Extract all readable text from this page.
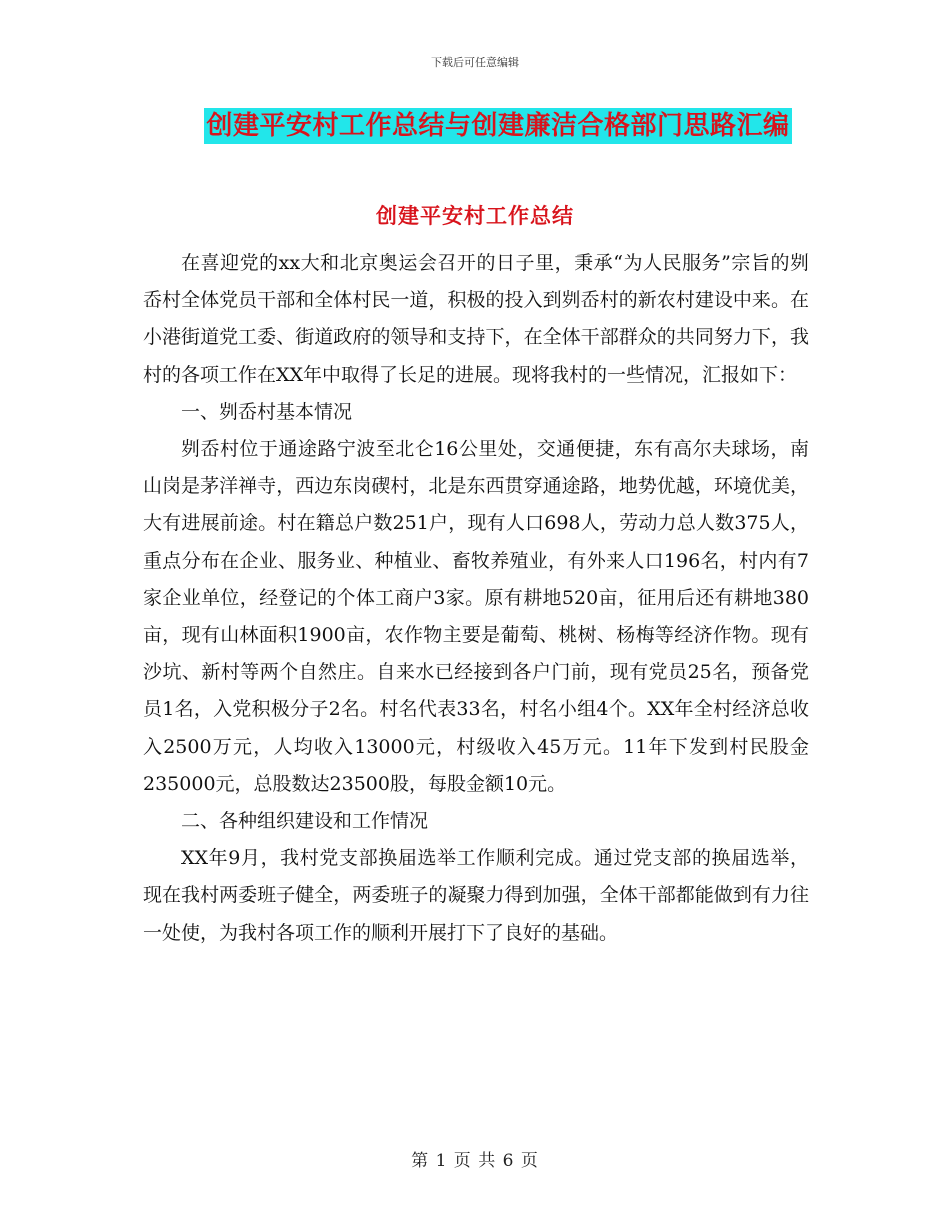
下载后可任意编辑
创建平安村工作总结与创建廉洁合格部门思路汇编
创建平安村工作总结

在喜迎党的xx大和北京奥运会召开的日子里，秉承“为人民服务”宗旨的刿岙村全体党员干部和全体村民一道，积极的投入到刿岙村的新农村建设中来。在小港街道党工委、街道政府的领导和支持下，在全体干部群众的共同努力下，我村的各项工作在XX年中取得了长足的进展。现将我村的一些情况，汇报如下：

一、刿岙村基本情况

刿岙村位于通途路宁波至北仑16公里处，交通便捷，东有高尔夫球场，南山岗是茅洋禅寺，西边东岗碶村，北是东西贯穿通途路，地势优越，环境优美，大有进展前途。村在籍总户数251户，现有人口698人，劳动力总人数375人，重点分布在企业、服务业、种植业、畜牧养殖业，有外来人口196名，村内有7家企业单位，经登记的个体工商户3家。原有耕地520亩，征用后还有耕地380亩，现有山林面积1900亩，农作物主要是葡萄、桃树、杨梅等经济作物。现有沙坑、新村等两个自然庄。自来水已经接到各户门前，现有党员25名，预备党员1名，入党积极分子2名。村名代表33名，村名小组4个。XX年全村经济总收入2500万元，人均收入13000元，村级收入45万元。11年下发到村民股金235000元，总股数达23500股，每股金额10元。

二、各种组织建设和工作情况

XX年9月，我村党支部换届选举工作顺利完成。通过党支部的换届选举，现在我村两委班子健全，两委班子的凝聚力得到加强，全体干部都能做到有力往一处使，为我村各项工作的顺利开展打下了良好的基础。

第 1 页 共 6 页
